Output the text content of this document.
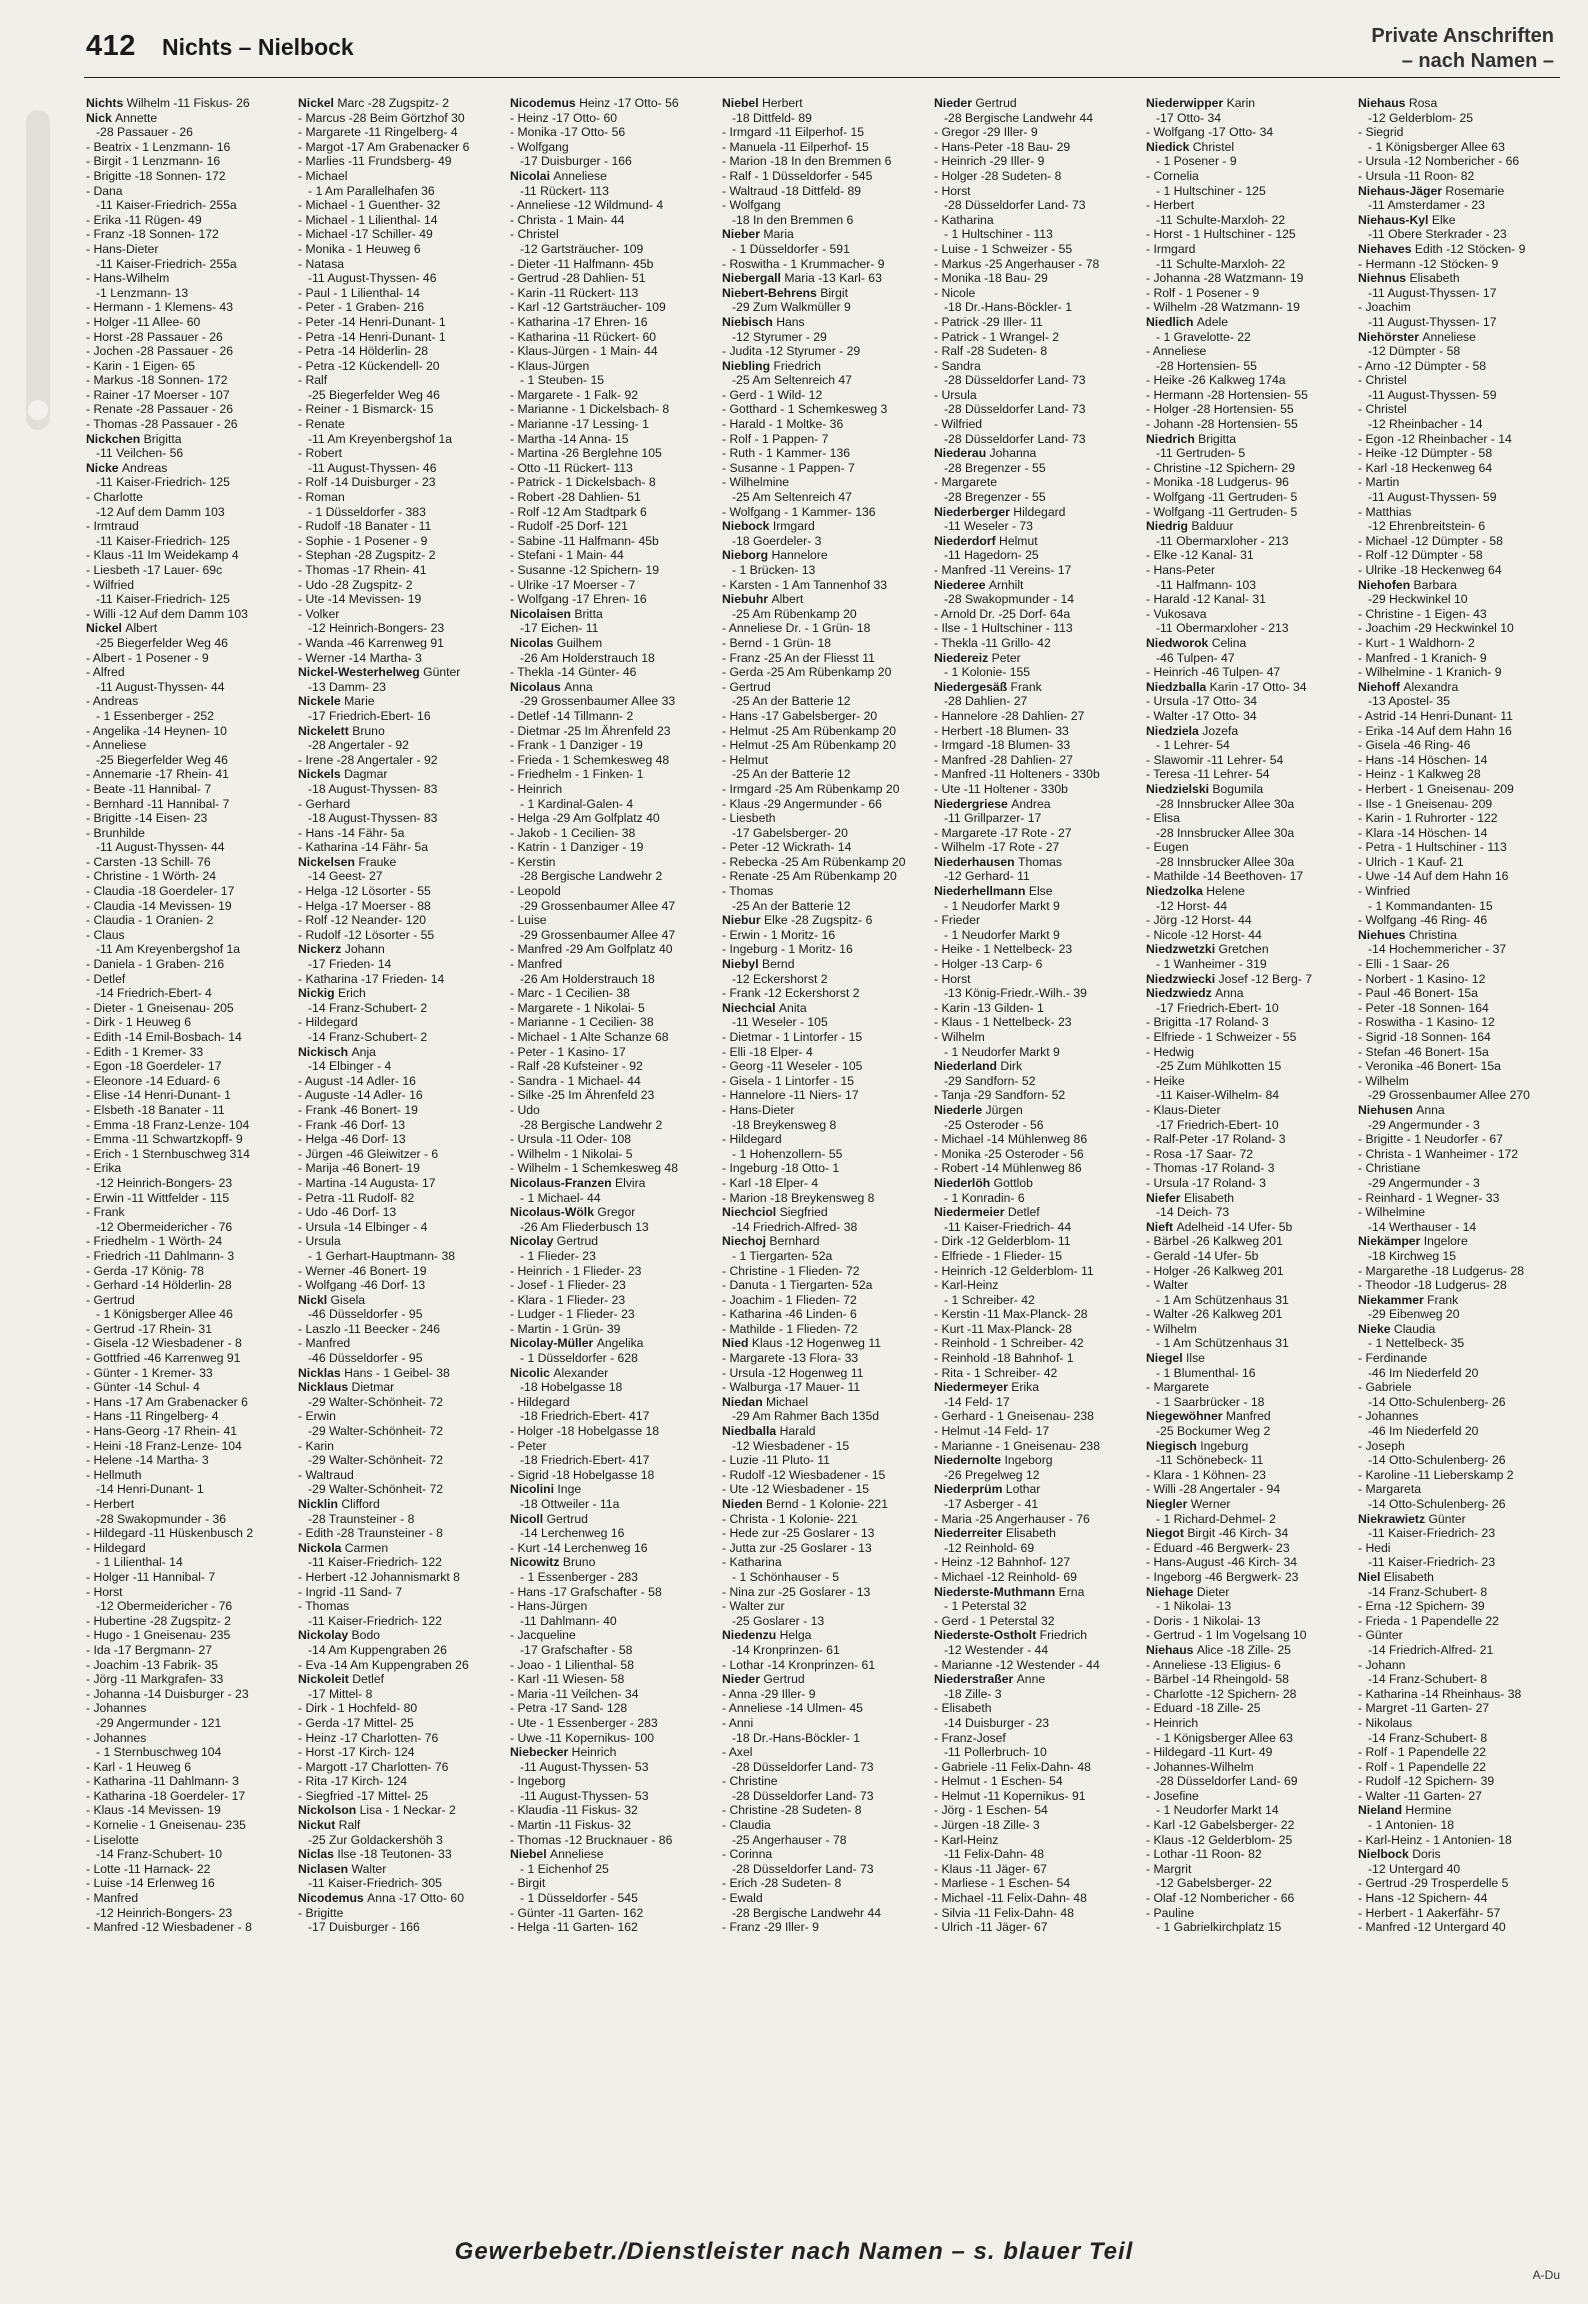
412 Nichts – Nielbock	Private Anschriften
– nach Namen –
Nichts Wilhelm -11 Fiskus- 26
Nick Annette
-28 Passauer - 26
- Beatrix - 1 Lenzmann- 16
- Birgit - 1 Lenzmann- 16
- Brigitte -18 Sonnen- 172
- Dana
-11 Kaiser-Friedrich- 255a
- Erika -11 Rügen- 49
- Franz -18 Sonnen- 172
- Hans-Dieter
-11 Kaiser-Friedrich- 255a
- Hans-Wilhelm
-1 Lenzmann- 13
- Hermann - 1 Klemens- 43
- Holger -11 Allee- 60
- Horst -28 Passauer - 26
- Jochen -28 Passauer - 26
- Karin - 1 Eigen- 65
- Markus -18 Sonnen- 172
- Rainer -17 Moerser - 107
- Renate -28 Passauer - 26
- Thomas -28 Passauer - 26
Nickchen Brigitta
-11 Veilchen- 56
Nicke Andreas
-11 Kaiser-Friedrich- 125
- Charlotte
-12 Auf dem Damm 103
- Irmtraud
-11 Kaiser-Friedrich- 125
- Klaus -11 Im Weidekamp 4
- Liesbeth -17 Lauer- 69c
- Wilfried
-11 Kaiser-Friedrich- 125
- Willi -12 Auf dem Damm 103
Nickel Albert
-25 Biegerfelder Weg 46
- Albert - 1 Posener - 9
- Alfred
-11 August-Thyssen- 44
- Andreas
- 1 Essenberger - 252
- Angelika -14 Heynen- 10
- Anneliese
-25 Biegerfelder Weg 46
- Annemarie -17 Rhein- 41
- Beate -11 Hannibal- 7
- Bernhard -11 Hannibal- 7
- Brigitte -14 Eisen- 23
- Brunhilde
-11 August-Thyssen- 44
- Carsten -13 Schill- 76
- Christine - 1 Wörth- 24
- Claudia -18 Goerdeler- 17
- Claudia -14 Mevissen- 19
- Claudia - 1 Oranien- 2
- Claus
-11 Am Kreyenbergshof 1a
- Daniela - 1 Graben- 216
- Detlef
-14 Friedrich-Ebert- 4
- Dieter - 1 Gneisenau- 205
- Dirk - 1 Heuweg 6
- Edith -14 Emil-Bosbach- 14
- Edith - 1 Kremer- 33
- Egon -18 Goerdeler- 17
- Eleonore -14 Eduard- 6
- Elise -14 Henri-Dunant- 1
- Elsbeth -18 Banater - 11
- Emma -18 Franz-Lenze- 104
- Emma -11 Schwartzkopff- 9
- Erich - 1 Sternbuschweg 314
- Erika
-12 Heinrich-Bongers- 23
- Erwin -11 Wittfelder - 115
- Frank
-12 Obermeidericher - 76
- Friedhelm - 1 Wörth- 24
- Friedrich -11 Dahlmann- 3
- Gerda -17 König- 78
- Gerhard -14 Hölderlin- 28
- Gertrud
- 1 Königsberger Allee 46
- Gertrud -17 Rhein- 31
- Gisela -12 Wiesbadener - 8
- Gottfried -46 Karrenweg 91
- Günter - 1 Kremer- 33
- Günter -14 Schul- 4
- Hans -17 Am Grabenacker 6
- Hans -11 Ringelberg- 4
- Hans-Georg -17 Rhein- 41
- Heini -18 Franz-Lenze- 104
- Helene -14 Martha- 3
- Hellmuth
-14 Henri-Dunant- 1
- Herbert
-28 Swakopmunder - 36
- Hildegard -11 Hüskenbusch 2
- Hildegard
- 1 Lilienthal- 14
- Holger -11 Hannibal- 7
- Horst
-12 Obermeidericher - 76
- Hubertine -28 Zugspitz- 2
- Hugo - 1 Gneisenau- 235
- Ida -17 Bergmann- 27
- Joachim -13 Fabrik- 35
- Jörg -11 Markgrafen- 33
- Johanna -14 Duisburger - 23
- Johannes
-29 Angermunder - 121
- Johannes
- 1 Sternbuschweg 104
- Karl - 1 Heuweg 6
- Katharina -11 Dahlmann- 3
- Katharina -18 Goerdeler- 17
- Klaus -14 Mevissen- 19
- Kornelie - 1 Gneisenau- 235
- Liselotte
-14 Franz-Schubert- 10
- Lotte -11 Harnack- 22
- Luise -14 Erlenweg 16
- Manfred
-12 Heinrich-Bongers- 23
- Manfred -12 Wiesbadener - 8
Nickel Marc -28 Zugspitz- 2
- Marcus -28 Beim Görtzhof 30
- Margarete -11 Ringelberg- 4
- Margot -17 Am Grabenacker 6
- Marlies -11 Frundsberg- 49
- Michael
- 1 Am Parallelhafen 36
- Michael - 1 Guenther- 32
- Michael - 1 Lilienthal- 14
- Michael -17 Schiller- 49
- Monika - 1 Heuweg 6
- Natasa
-11 August-Thyssen- 46
- Paul - 1 Lilienthal- 14
- Peter - 1 Graben- 216
- Peter -14 Henri-Dunant- 1
- Petra -14 Henri-Dunant- 1
- Petra -14 Hölderlin- 28
- Petra -12 Kückendell- 20
- Ralf
-25 Biegerfelder Weg 46
- Reiner - 1 Bismarck- 15
- Renate
-11 Am Kreyenbergshof 1a
- Robert
-11 August-Thyssen- 46
- Rolf -14 Duisburger - 23
- Roman
- 1 Düsseldorfer - 383
- Rudolf -18 Banater - 11
- Sophie - 1 Posener - 9
- Stephan -28 Zugspitz- 2
- Thomas -17 Rhein- 41
- Udo -28 Zugspitz- 2
- Ute -14 Mevissen- 19
- Volker
-12 Heinrich-Bongers- 23
- Wanda -46 Karrenweg 91
- Werner -14 Martha- 3
Nickel-Westerhelweg Günter
-13 Damm- 23
Nickele Marie
-17 Friedrich-Ebert- 16
Nickelett Bruno
-28 Angertaler - 92
- Irene -28 Angertaler - 92
Nickels Dagmar
-18 August-Thyssen- 83
- Gerhard
-18 August-Thyssen- 83
- Hans -14 Fähr- 5a
- Katharina -14 Fähr- 5a
Nickelsen Frauke
-14 Geest- 27
- Helga -12 Lösorter - 55
- Helga -17 Moerser - 88
- Rolf -12 Neander- 120
- Rudolf -12 Lösorter - 55
Nickerz Johann
-17 Frieden- 14
- Katharina -17 Frieden- 14
Nickig Erich
-14 Franz-Schubert- 2
- Hildegard
-14 Franz-Schubert- 2
Nickisch Anja
-14 Elbinger - 4
- August -14 Adler- 16
- Auguste -14 Adler- 16
- Frank -46 Bonert- 19
- Frank -46 Dorf- 13
- Helga -46 Dorf- 13
- Jürgen -46 Gleiwitzer - 6
- Marija -46 Bonert- 19
- Martina -14 Augusta- 17
- Petra -11 Rudolf- 82
- Udo -46 Dorf- 13
- Ursula -14 Elbinger - 4
- Ursula
- 1 Gerhart-Hauptmann- 38
- Werner -46 Bonert- 19
- Wolfgang -46 Dorf- 13
Nickl Gisela
-46 Düsseldorfer - 95
- Laszlo -11 Beecker - 246
- Manfred
-46 Düsseldorfer - 95
Nicklas Hans - 1 Geibel- 38
Nicklaus Dietmar
-29 Walter-Schönheit- 72
- Erwin
-29 Walter-Schönheit- 72
- Karin
-29 Walter-Schönheit- 72
- Waltraud
-29 Walter-Schönheit- 72
Nicklin Clifford
-28 Traunsteiner - 8
- Edith -28 Traunsteiner - 8
Nickola Carmen
-11 Kaiser-Friedrich- 122
- Herbert -12 Johannismarkt 8
- Ingrid -11 Sand- 7
- Thomas
-11 Kaiser-Friedrich- 122
Nickolay Bodo
-14 Am Kuppengraben 26
- Eva -14 Am Kuppengraben 26
Nickoleit Detlef
-17 Mittel- 8
- Dirk - 1 Hochfeld- 80
- Gerda -17 Mittel- 25
- Heinz -17 Charlotten- 76
- Horst -17 Kirch- 124
- Margott -17 Charlotten- 76
- Rita -17 Kirch- 124
- Siegfried -17 Mittel- 25
Nickolson Lisa - 1 Neckar- 2
Nickut Ralf
-25 Zur Goldackershöh 3
Niclas Ilse -18 Teutonen- 33
Niclasen Walter
-11 Kaiser-Friedrich- 305
Nicodemus Anna -17 Otto- 60
- Brigitte
-17 Duisburger - 166
Nicodemus Heinz -17 Otto- 56
- Heinz -17 Otto- 60
- Monika -17 Otto- 56
- Wolfgang
-17 Duisburger - 166
Nicolai Anneliese
-11 Rückert- 113
- Anneliese -12 Wildmund- 4
- Christa - 1 Main- 44
- Christel
-12 Gartsträucher- 109
- Dieter -11 Halfmann- 45b
- Gertrud -28 Dahlien- 51
- Karin -11 Rückert- 113
- Karl -12 Gartsträucher- 109
- Katharina -17 Ehren- 16
- Katharina -11 Rückert- 60
- Klaus-Jürgen - 1 Main- 44
- Klaus-Jürgen
- 1 Steuben- 15
- Margarete - 1 Falk- 92
- Marianne - 1 Dickelsbach- 8
- Marianne -17 Lessing- 1
- Martha -14 Anna- 15
- Martina -26 Berglehne 105
- Otto -11 Rückert- 113
- Patrick - 1 Dickelsbach- 8
- Robert -28 Dahlien- 51
- Rolf -12 Am Stadtpark 6
- Rudolf -25 Dorf- 121
- Sabine -11 Halfmann- 45b
- Stefani - 1 Main- 44
- Susanne -12 Spichern- 19
- Ulrike -17 Moerser - 7
- Wolfgang -17 Ehren- 16
Nicolaisen Britta
-17 Eichen- 11
Nicolas Guilhem
-26 Am Holderstrauch 18
- Thekla -14 Günter- 46
Nicolaus Anna
-29 Grossenbaumer Allee 33
- Detlef -14 Tillmann- 2
- Dietmar -25 Im Ährenfeld 23
- Frank - 1 Danziger - 19
- Frieda - 1 Schemkesweg 48
- Friedhelm - 1 Finken- 1
- Heinrich
- 1 Kardinal-Galen- 4
- Helga -29 Am Golfplatz 40
- Jakob - 1 Cecilien- 38
- Katrin - 1 Danziger - 19
- Kerstin
-28 Bergische Landwehr 2
- Leopold
-29 Grossenbaumer Allee 47
- Luise
-29 Grossenbaumer Allee 47
- Manfred -29 Am Golfplatz 40
- Manfred
-26 Am Holderstrauch 18
- Marc - 1 Cecilien- 38
- Margarete - 1 Nikolai- 5
- Marianne - 1 Cecilien- 38
- Michael - 1 Alte Schanze 68
- Peter - 1 Kasino- 17
- Ralf -28 Kufsteiner - 92
- Sandra - 1 Michael- 44
- Silke -25 Im Ährenfeld 23
- Udo
-28 Bergische Landwehr 2
- Ursula -11 Oder- 108
- Wilhelm - 1 Nikolai- 5
- Wilhelm - 1 Schemkesweg 48
Nicolaus-Franzen Elvira
- 1 Michael- 44
Nicolaus-Wölk Gregor
-26 Am Fliederbusch 13
Nicolay Gertrud
- 1 Flieder- 23
- Heinrich - 1 Flieder- 23
- Josef - 1 Flieder- 23
- Klara - 1 Flieder- 23
- Ludger - 1 Flieder- 23
- Martin - 1 Grün- 39
Nicolay-Müller Angelika
- 1 Düsseldorfer - 628
Nicolic Alexander
-18 Hobelgasse 18
- Hildegard
-18 Friedrich-Ebert- 417
- Holger -18 Hobelgasse 18
- Peter
-18 Friedrich-Ebert- 417
- Sigrid -18 Hobelgasse 18
Nicolini Inge
-18 Ottweiler - 11a
Nicoll Gertrud
-14 Lerchenweg 16
- Kurt -14 Lerchenweg 16
Nicowitz Bruno
- 1 Essenberger - 283
- Hans -17 Grafschafter - 58
- Hans-Jürgen
-11 Dahlmann- 40
- Jacqueline
-17 Grafschafter - 58
- Joao - 1 Lilienthal- 58
- Karl -11 Wiesen- 58
- Maria -11 Veilchen- 34
- Petra -17 Sand- 128
- Ute - 1 Essenberger - 283
- Uwe -11 Kopernikus- 100
Niebecker Heinrich
-11 August-Thyssen- 53
- Ingeborg
-11 August-Thyssen- 53
- Klaudia -11 Fiskus- 32
- Martin -11 Fiskus- 32
- Thomas -12 Brucknauer - 86
Niebel Anneliese
- 1 Eichenhof 25
- Birgit
- 1 Düsseldorfer - 545
- Günter -11 Garten- 162
- Helga -11 Garten- 162
Niebel Herbert
-18 Dittfeld- 89
- Irmgard -11 Eilperhof- 15
- Manuela -11 Eilperhof- 15
- Marion -18 In den Bremmen 6
- Ralf - 1 Düsseldorfer - 545
- Waltraud -18 Dittfeld- 89
- Wolfgang
-18 In den Bremmen 6
Nieber Maria
- 1 Düsseldorfer - 591
- Roswitha - 1 Krummacher- 9
Niebergall Maria -13 Karl- 63
Niebert-Behrens Birgit
-29 Zum Walkmüller 9
Niebisch Hans
-12 Styrumer - 29
- Judita -12 Styrumer - 29
Niebling Friedrich
-25 Am Seltenreich 47
- Gerd - 1 Wild- 12
- Gotthard - 1 Schemkesweg 3
- Harald - 1 Moltke- 36
- Rolf - 1 Pappen- 7
- Ruth - 1 Kammer- 136
- Susanne - 1 Pappen- 7
- Wilhelmine
-25 Am Seltenreich 47
- Wolfgang - 1 Kammer- 136
Niebock Irmgard
-18 Goerdeler- 3
Nieborg Hannelore
- 1 Brücken- 13
- Karsten - 1 Am Tannenhof 33
Niebuhr Albert
-25 Am Rübenkamp 20
- Anneliese Dr. - 1 Grün- 18
- Bernd - 1 Grün- 18
- Franz -25 An der Fliesst 11
- Gerda -25 Am Rübenkamp 20
- Gertrud
-25 An der Batterie 12
- Hans -17 Gabelsberger- 20
- Helmut -25 Am Rübenkamp 20
- Helmut -25 Am Rübenkamp 20
- Helmut
-25 An der Batterie 12
- Irmgard -25 Am Rübenkamp 20
- Klaus -29 Angermunder - 66
- Liesbeth
-17 Gabelsberger- 20
- Peter -12 Wickrath- 14
- Rebecka -25 Am Rübenkamp 20
- Renate -25 Am Rübenkamp 20
- Thomas
-25 An der Batterie 12
Niebur Elke -28 Zugspitz- 6
- Erwin - 1 Moritz- 16
- Ingeburg - 1 Moritz- 16
Niebyl Bernd
-12 Eckershorst 2
- Frank -12 Eckershorst 2
Niechcial Anita
-11 Weseler - 105
- Dietmar - 1 Lintorfer - 15
- Elli -18 Elper- 4
- Georg -11 Weseler - 105
- Gisela - 1 Lintorfer - 15
- Hannelore -11 Niers- 17
- Hans-Dieter
-18 Breykensweg 8
- Hildegard
- 1 Hohenzollern- 55
- Ingeburg -18 Otto- 1
- Karl -18 Elper- 4
- Marion -18 Breykensweg 8
Niechciol Siegfried
-14 Friedrich-Alfred- 38
Niechoj Bernhard
- 1 Tiergarten- 52a
- Christine - 1 Flieden- 72
- Danuta - 1 Tiergarten- 52a
- Joachim - 1 Flieden- 72
- Katharina -46 Linden- 6
- Mathilde - 1 Flieden- 72
Nied Klaus -12 Hogenweg 11
- Margarete -13 Flora- 33
- Ursula -12 Hogenweg 11
- Walburga -17 Mauer- 11
Niedan Michael
-29 Am Rahmer Bach 135d
Niedballa Harald
-12 Wiesbadener - 15
- Luzie -11 Pluto- 11
- Rudolf -12 Wiesbadener - 15
- Ute -12 Wiesbadener - 15
Nieden Bernd - 1 Kolonie- 221
- Christa - 1 Kolonie- 221
- Hede zur -25 Goslarer - 13
- Jutta zur -25 Goslarer - 13
- Katharina
- 1 Schönhauser - 5
- Nina zur -25 Goslarer - 13
- Walter zur
-25 Goslarer - 13
Niedenzu Helga
-14 Kronprinzen- 61
- Lothar -14 Kronprinzen- 61
Nieder Gertrud
- Anna -29 Iller- 9
- Anneliese -14 Ulmen- 45
- Anni
-18 Dr.-Hans-Böckler- 1
- Axel
-28 Düsseldorfer Land- 73
- Christine
-28 Düsseldorfer Land- 73
- Christine -28 Sudeten- 8
- Claudia
-25 Angerhauser - 78
- Corinna
-28 Düsseldorfer Land- 73
- Erich -28 Sudeten- 8
- Ewald
-28 Bergische Landwehr 44
- Franz -29 Iller- 9
Nieder Gertrud
-28 Bergische Landwehr 44
- Gregor -29 Iller- 9
- Hans-Peter -18 Bau- 29
- Heinrich -29 Iller- 9
- Holger -28 Sudeten- 8
- Horst
-28 Düsseldorfer Land- 73
- Katharina
- 1 Hultschiner - 113
- Luise - 1 Schweizer - 55
- Markus -25 Angerhauser - 78
- Monika -18 Bau- 29
- Nicole
-18 Dr.-Hans-Böckler- 1
- Patrick -29 Iller- 11
- Patrick - 1 Wrangel- 2
- Ralf -28 Sudeten- 8
- Sandra
-28 Düsseldorfer Land- 73
- Ursula
-28 Düsseldorfer Land- 73
- Wilfried
-28 Düsseldorfer Land- 73
Niederau Johanna
-28 Bregenzer - 55
- Margarete
-28 Bregenzer - 55
Niederberger Hildegard
-11 Weseler - 73
Niederdorf Helmut
-11 Hagedorn- 25
- Manfred -11 Vereins- 17
Niederee Arnhilt
-28 Swakopmunder - 14
- Arnold Dr. -25 Dorf- 64a
- Ilse - 1 Hultschiner - 113
- Thekla -11 Grillo- 42
Niedereiz Peter
- 1 Kolonie- 155
Niedergesäß Frank
-28 Dahlien- 27
- Hannelore -28 Dahlien- 27
- Herbert -18 Blumen- 33
- Irmgard -18 Blumen- 33
- Manfred -28 Dahlien- 27
- Manfred -11 Holteners - 330b
- Ute -11 Holtener - 330b
Niedergriese Andrea
-11 Grillparzer- 17
- Margarete -17 Rote - 27
- Wilhelm -17 Rote - 27
Niederhausen Thomas
-12 Gerhard- 11
Niederhellmann Else
- 1 Neudorfer Markt 9
- Frieder
- 1 Neudorfer Markt 9
- Heike - 1 Nettelbeck- 23
- Holger -13 Carp- 6
- Horst
-13 König-Friedr.-Wilh.- 39
- Karin -13 Gilden- 1
- Klaus - 1 Nettelbeck- 23
- Wilhelm
- 1 Neudorfer Markt 9
Niederland Dirk
-29 Sandforn- 52
- Tanja -29 Sandforn- 52
Niederle Jürgen
-25 Osteroder - 56
- Michael -14 Mühlenweg 86
- Monika -25 Osteroder - 56
- Robert -14 Mühlenweg 86
Niederlöh Gottlob
- 1 Konradin- 6
Niedermeier Detlef
-11 Kaiser-Friedrich- 44
- Dirk -12 Gelderblom- 11
- Elfriede - 1 Flieder- 15
- Heinrich -12 Gelderblom- 11
- Karl-Heinz
- 1 Schreiber- 42
- Kerstin -11 Max-Planck- 28
- Kurt -11 Max-Planck- 28
- Reinhold - 1 Schreiber- 42
- Reinhold -18 Bahnhof- 1
- Rita - 1 Schreiber- 42
Niedermeyer Erika
-14 Feld- 17
- Gerhard - 1 Gneisenau- 238
- Helmut -14 Feld- 17
- Marianne - 1 Gneisenau- 238
Niedernolte Ingeborg
-26 Pregelweg 12
Niederprüm Lothar
-17 Asberger - 41
- Maria -25 Angerhauser - 76
Niederreiter Elisabeth
-12 Reinhold- 69
- Heinz -12 Bahnhof- 127
- Michael -12 Reinhold- 69
Niederste-Muthmann Erna
- 1 Peterstal 32
- Gerd - 1 Peterstal 32
Niederste-Ostholt Friedrich
-12 Westender - 44
- Marianne -12 Westender - 44
Niederstraßer Anne
-18 Zille- 3
- Elisabeth
-14 Duisburger - 23
- Franz-Josef
-11 Pollerbruch- 10
- Gabriele -11 Felix-Dahn- 48
- Helmut - 1 Eschen- 54
- Helmut -11 Kopernikus- 91
- Jörg - 1 Eschen- 54
- Jürgen -18 Zille- 3
- Karl-Heinz
-11 Felix-Dahn- 48
- Klaus -11 Jäger- 67
- Marliese - 1 Eschen- 54
- Michael -11 Felix-Dahn- 48
- Silvia -11 Felix-Dahn- 48
- Ulrich -11 Jäger- 67
Niederwipper Karin
-17 Otto- 34
- Wolfgang -17 Otto- 34
Niedick Christel
- 1 Posener - 9
- Cornelia
- 1 Hultschiner - 125
- Herbert
-11 Schulte-Marxloh- 22
- Horst - 1 Hultschiner - 125
- Irmgard
-11 Schulte-Marxloh- 22
- Johanna -28 Watzmann- 19
- Rolf - 1 Posener - 9
- Wilhelm -28 Watzmann- 19
Niedlich Adele
- 1 Gravelotte- 22
- Anneliese
-28 Hortensien- 55
- Heike -26 Kalkweg 174a
- Hermann -28 Hortensien- 55
- Holger -28 Hortensien- 55
- Johann -28 Hortensien- 55
Niedrich Brigitta
-11 Gertruden- 5
- Christine -12 Spichern- 29
- Monika -18 Ludgerus- 96
- Wolfgang -11 Gertruden- 5
- Wolfgang -11 Gertruden- 5
Niedrig Balduur
-11 Obermarxloher - 213
- Elke -12 Kanal- 31
- Hans-Peter
-11 Halfmann- 103
- Harald -12 Kanal- 31
- Vukosava
-11 Obermarxloher - 213
Niedworok Celina
-46 Tulpen- 47
- Heinrich -46 Tulpen- 47
Niedzballa Karin -17 Otto- 34
- Ursula -17 Otto- 34
- Walter -17 Otto- 34
Niedziela Jozefa
- 1 Lehrer- 54
- Slawomir -11 Lehrer- 54
- Teresa -11 Lehrer- 54
Niedzielski Bogumila
-28 Innsbrucker Allee 30a
- Elisa
-28 Innsbrucker Allee 30a
- Eugen
-28 Innsbrucker Allee 30a
- Mathilde -14 Beethoven- 17
Niedzolka Helene
-12 Horst- 44
- Jörg -12 Horst- 44
- Nicole -12 Horst- 44
Niedzwetzki Gretchen
- 1 Wanheimer - 319
Niedzwiecki Josef -12 Berg- 7
Niedzwiedz Anna
-17 Friedrich-Ebert- 10
- Brigitta -17 Roland- 3
- Elfriede - 1 Schweizer - 55
- Hedwig
-25 Zum Mühlkotten 15
- Heike
-11 Kaiser-Wilhelm- 84
- Klaus-Dieter
-17 Friedrich-Ebert- 10
- Ralf-Peter -17 Roland- 3
- Rosa -17 Saar- 72
- Thomas -17 Roland- 3
- Ursula -17 Roland- 3
Niefer Elisabeth
-14 Deich- 73
Nieft Adelheid -14 Ufer- 5b
- Bärbel -26 Kalkweg 201
- Gerald -14 Ufer- 5b
- Holger -26 Kalkweg 201
- Walter
- 1 Am Schützenhaus 31
- Walter -26 Kalkweg 201
- Wilhelm
- 1 Am Schützenhaus 31
Niegel Ilse
- 1 Blumenthal- 16
- Margarete
- 1 Saarbrücker - 18
Niegewöhner Manfred
-25 Bockumer Weg 2
Niegisch Ingeburg
-11 Schönebeck- 11
- Klara - 1 Köhnen- 23
- Willi -28 Angertaler - 94
Niegler Werner
- 1 Richard-Dehmel- 2
Niegot Birgit -46 Kirch- 34
- Eduard -46 Bergwerk- 23
- Hans-August -46 Kirch- 34
- Ingeborg -46 Bergwerk- 23
Niehage Dieter
- 1 Nikolai- 13
- Doris - 1 Nikolai- 13
- Gertrud - 1 Im Vogelsang 10
Niehaus Alice -18 Zille- 25
- Anneliese -13 Eligius- 6
- Bärbel -14 Rheingold- 58
- Charlotte -12 Spichern- 28
- Eduard -18 Zille- 25
- Heinrich
- 1 Königsberger Allee 63
- Hildegard -11 Kurt- 49
- Johannes-Wilhelm
-28 Düsseldorfer Land- 69
- Josefine
- 1 Neudorfer Markt 14
- Karl -12 Gabelsberger- 22
- Klaus -12 Gelderblom- 25
- Lothar -11 Roon- 82
- Margrit
-12 Gabelsberger- 22
- Olaf -12 Nombericher - 66
- Pauline
- 1 Gabrielkirchplatz 15
Niehaus Rosa
-12 Gelderblom- 25
- Siegrid
- 1 Königsberger Allee 63
- Ursula -12 Nombericher - 66
- Ursula -11 Roon- 82
Niehaus-Jäger Rosemarie
-11 Amsterdamer - 23
Niehaus-Kyl Elke
-11 Obere Sterkrader - 23
Niehaves Edith -12 Stöcken- 9
- Hermann -12 Stöcken- 9
Niehnus Elisabeth
-11 August-Thyssen- 17
- Joachim
-11 August-Thyssen- 17
Niehörster Anneliese
-12 Dümpter - 58
- Arno -12 Dümpter - 58
- Christel
-11 August-Thyssen- 59
- Christel
-12 Rheinbacher - 14
- Egon -12 Rheinbacher - 14
- Heike -12 Dümpter - 58
- Karl -18 Heckenweg 64
- Martin
-11 August-Thyssen- 59
- Matthias
-12 Ehrenbreitstein- 6
- Michael -12 Dümpter - 58
- Rolf -12 Dümpter - 58
- Ulrike -18 Heckenweg 64
Niehofen Barbara
-29 Heckwinkel 10
- Christine - 1 Eigen- 43
- Joachim -29 Heckwinkel 10
- Kurt - 1 Waldhorn- 2
- Manfred - 1 Kranich- 9
- Wilhelmine - 1 Kranich- 9
Niehoff Alexandra
-13 Apostel- 35
- Astrid -14 Henri-Dunant- 11
- Erika -14 Auf dem Hahn 16
- Gisela -46 Ring- 46
- Hans -14 Höschen- 14
- Heinz - 1 Kalkweg 28
- Herbert - 1 Gneisenau- 209
- Ilse - 1 Gneisenau- 209
- Karin - 1 Ruhrorter - 122
- Klara -14 Höschen- 14
- Petra - 1 Hultschiner - 113
- Ulrich - 1 Kauf- 21
- Uwe -14 Auf dem Hahn 16
- Winfried
- 1 Kommandanten- 15
- Wolfgang -46 Ring- 46
Niehues Christina
-14 Hochemmericher - 37
- Elli - 1 Saar- 26
- Norbert - 1 Kasino- 12
- Paul -46 Bonert- 15a
- Peter -18 Sonnen- 164
- Roswitha - 1 Kasino- 12
- Sigrid -18 Sonnen- 164
- Stefan -46 Bonert- 15a
- Veronika -46 Bonert- 15a
- Wilhelm
-29 Grossenbaumer Allee 270
Niehusen Anna
-29 Angermunder - 3
- Brigitte - 1 Neudorfer - 67
- Christa - 1 Wanheimer - 172
- Christiane
-29 Angermunder - 3
- Reinhard - 1 Wegner- 33
- Wilhelmine
-14 Werthauser - 14
Niekämper Ingelore
-18 Kirchweg 15
- Margarethe -18 Ludgerus- 28
- Theodor -18 Ludgerus- 28
Niekammer Frank
-29 Eibenweg 20
Nieke Claudia
- 1 Nettelbeck- 35
- Ferdinande
-46 Im Niederfeld 20
- Gabriele
-14 Otto-Schulenberg- 26
- Johannes
-46 Im Niederfeld 20
- Joseph
-14 Otto-Schulenberg- 26
- Karoline -11 Lieberskamp 2
- Margareta
-14 Otto-Schulenberg- 26
Niekrawietz Günter
-11 Kaiser-Friedrich- 23
- Hedi
-11 Kaiser-Friedrich- 23
Niel Elisabeth
-14 Franz-Schubert- 8
- Erna -12 Spichern- 39
- Frieda - 1 Papendelle 22
- Günter
-14 Friedrich-Alfred- 21
- Johann
-14 Franz-Schubert- 8
- Katharina -14 Rheinhaus- 38
- Margret -11 Garten- 27
- Nikolaus
-14 Franz-Schubert- 8
- Rolf - 1 Papendelle 22
- Rolf - 1 Papendelle 22
- Rudolf -12 Spichern- 39
- Walter -11 Garten- 27
Nieland Hermine
- 1 Antonien- 18
- Karl-Heinz - 1 Antonien- 18
Nielbock Doris
-12 Untergard 40
- Gertrud -29 Trosperdelle 5
- Hans -12 Spichern- 44
- Herbert - 1 Aakerfähr- 57
- Manfred -12 Untergard 40
Gewerbebetr./Dienstleister nach Namen – s. blauer Teil
A-Du
